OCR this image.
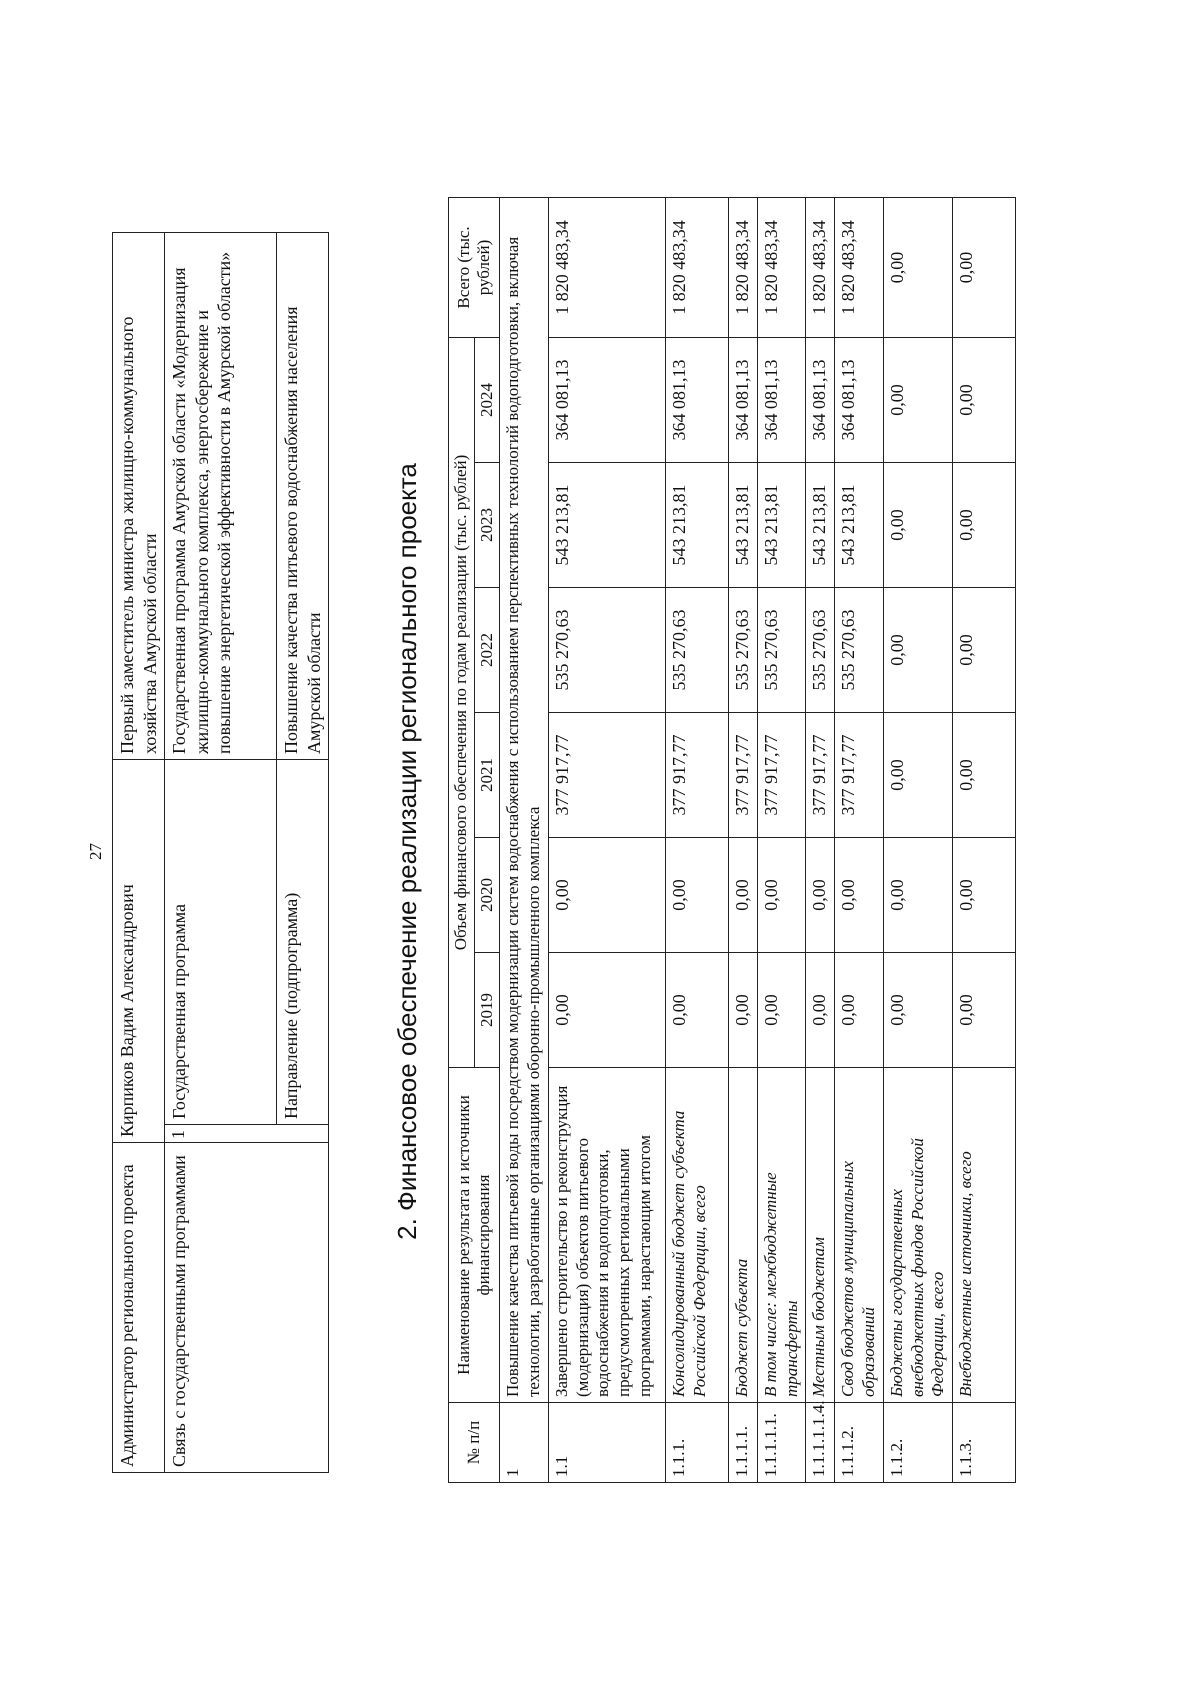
27
Администратор регионального проекта	Кирпиков Вадим Александрович		Первый заместитель министра жилищно-коммунального хозяйства Амурской области
Связь с государственными программами	1	Государственная программа	Государственная программа Амурской области «Модернизация жилищно-коммунального комплекса, энергосбережение и повышение энергетической эффективности в Амурской области»
		Направление (подпрограмма)	Повышение качества питьевого водоснабжения населения Амурской области	2. Финансовое обеспечение реализации регионального проекта
№ п/п	Наименование результата и источники финансирования	Объем финансового обеспечения по годам реализации (тыс. рублей)						Всего (тыс. рублей)
		2019	2020	2021	2022	2023	2024	
1	Повышение качества питьевой воды посредством модернизации систем водоснабжения с использованием перспективных технологий водоподготовки, включая технологии, разработанные организациями оборонно-промышленного комплекса							
1.1	Завершено строительство и реконструкция (модернизация) объектов питьевого водоснабжения и водоподготовки, предусмотренных региональными программами, нарастающим итогом	0,00	0,00	377 917,77	535 270,63	543 213,81	364 081,13	1 820 483,34
1.1.1.	Консолидированный бюджет субъекта Российской Федерации, всего	0,00	0,00	377 917,77	535 270,63	543 213,81	364 081,13	1 820 483,34
1.1.1.1.	Бюджет субъекта	0,00	0,00	377 917,77	535 270,63	543 213,81	364 081,13	1 820 483,34
1.1.1.1.1.	В том числе: межбюджетные трансферты	0,00	0,00	377 917,77	535 270,63	543 213,81	364 081,13	1 820 483,34
1.1.1.1.1.4.	Местным бюджетам	0,00	0,00	377 917,77	535 270,63	543 213,81	364 081,13	1 820 483,34
1.1.1.2.	Свод бюджетов муниципальных образований	0,00	0,00	377 917,77	535 270,63	543 213,81	364 081,13	1 820 483,34
1.1.2.	Бюджеты государственных внебюджетных фондов Российской Федерации, всего	0,00	0,00	0,00	0,00	0,00	0,00	0,00
1.1.3.	Внебюджетные источники, всего	0,00	0,00	0,00	0,00	0,00	0,00	0,00
